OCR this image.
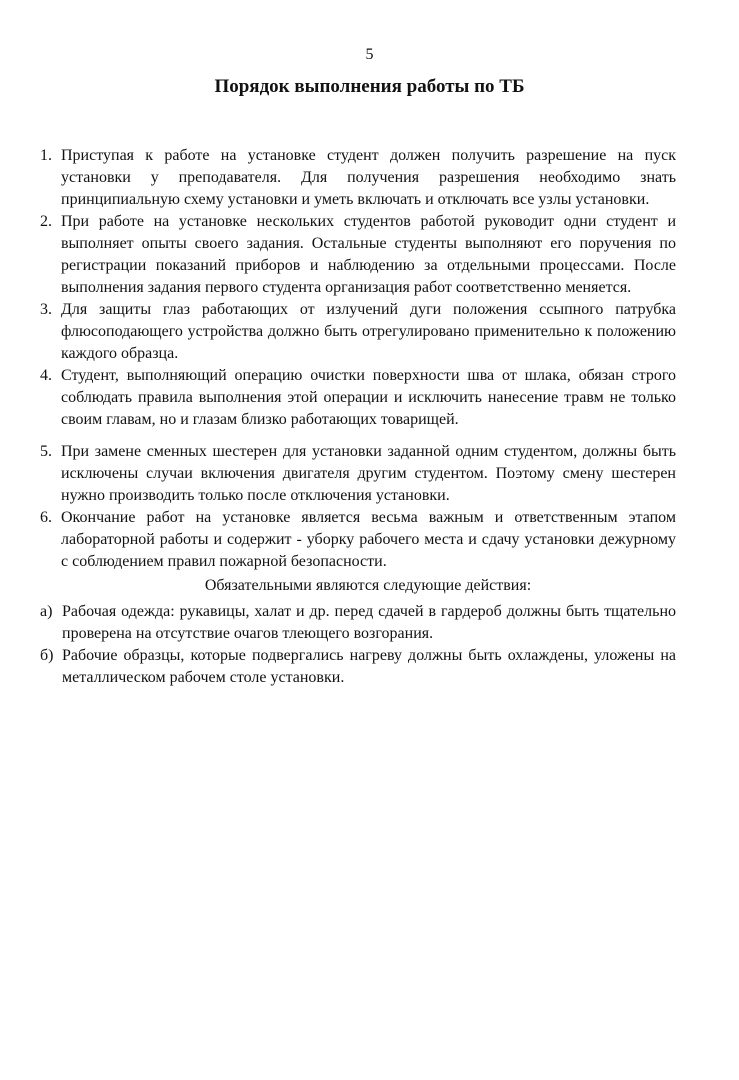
5
Порядок выполнения работы по ТБ

1. Приступая к работе на установке студент должен получить разрешение на пуск установки у преподавателя. Для получения разрешения необходимо знать принципиальную схему установки и уметь включать и отключать все узлы установки.

2. При работе на установке нескольких студентов работой руководит одни студент и выполняет опыты своего задания. Остальные студенты выполняют его поручения по регистрации показаний приборов и наблюдению за отдельными процессами. После выполнения задания первого студента организация работ соответственно меняется.

3. Для защиты глаз работающих от излучений дуги положения ссыпного патрубка флюсоподающего устройства должно быть отрегулировано применительно к положению каждого образца.

4. Студент, выполняющий операцию очистки поверхности шва от шлака, обязан строго соблюдать правила выполнения этой операции и исключить нанесение травм не только своим главам, но и глазам близко работающих товарищей.

5. При замене сменных шестерен для установки заданной одним студентом, должны быть исключены случаи включения двигателя другим студентом. Поэтому смену шестерен нужно производить только после отключения установки.

6. Окончание работ на установке является весьма важным и ответственным этапом лабораторной работы и содержит - уборку рабочего места и сдачу установки дежурному с соблюдением правил пожарной безопасности.

Обязательными являются следующие действия:

а) Рабочая одежда: рукавицы, халат и др. перед сдачей в гардероб должны быть тщательно проверена на отсутствие очагов тлеющего возгорания.

б) Рабочие образцы, которые подвергались нагреву должны быть охлаждены, уложены на металлическом рабочем столе установки.
